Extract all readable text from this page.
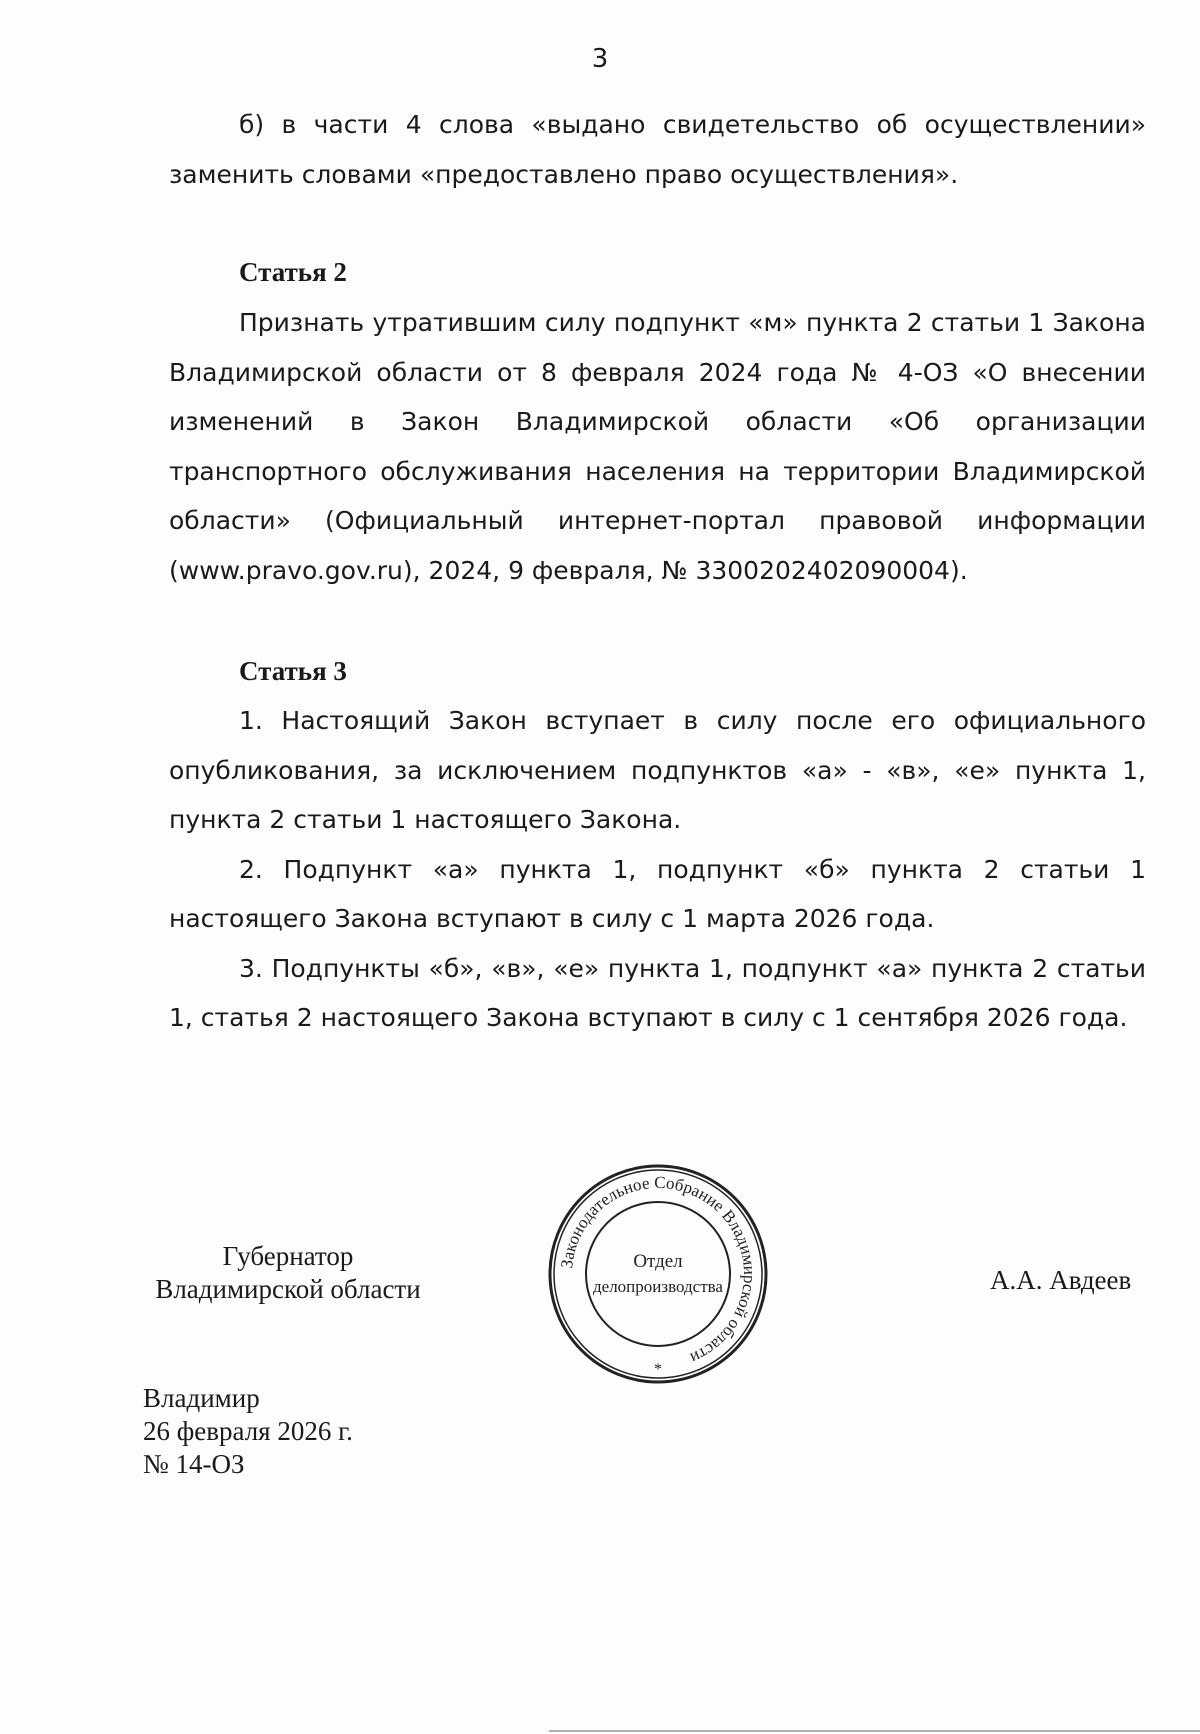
3

б) в части 4 слова «выдано свидетельство об осуществлении» заменить словами «предоставлено право осуществления».

Статья 2

Признать утратившим силу подпункт «м» пункта 2 статьи 1 Закона Владимирской области от 8 февраля 2024 года № 4-ОЗ «О внесении изменений в Закон Владимирской области «Об организации транспортного обслуживания населения на территории Владимирской области» (Официальный интернет-портал правовой информации (www.pravo.gov.ru), 2024, 9 февраля, № 3300202402090004).

Статья 3

1. Настоящий Закон вступает в силу после его официального опубликования, за исключением подпунктов «а» - «в», «е» пункта 1, пункта 2 статьи 1 настоящего Закона.

2. Подпункт «а» пункта 1, подпункт «б» пункта 2 статьи 1 настоящего Закона вступают в силу с 1 марта 2026 года.

3. Подпункты «б», «в», «е» пункта 1, подпункт «а» пункта 2 статьи 1, статья 2 настоящего Закона вступают в силу с 1 сентября 2026 года.

Губернатор
Владимирской области
Законодательное Собрание Владимирской области
Отдел
делопроизводства
*
А.А. Авдеев
Владимир
26 февраля 2026 г.
№ 14-ОЗ
